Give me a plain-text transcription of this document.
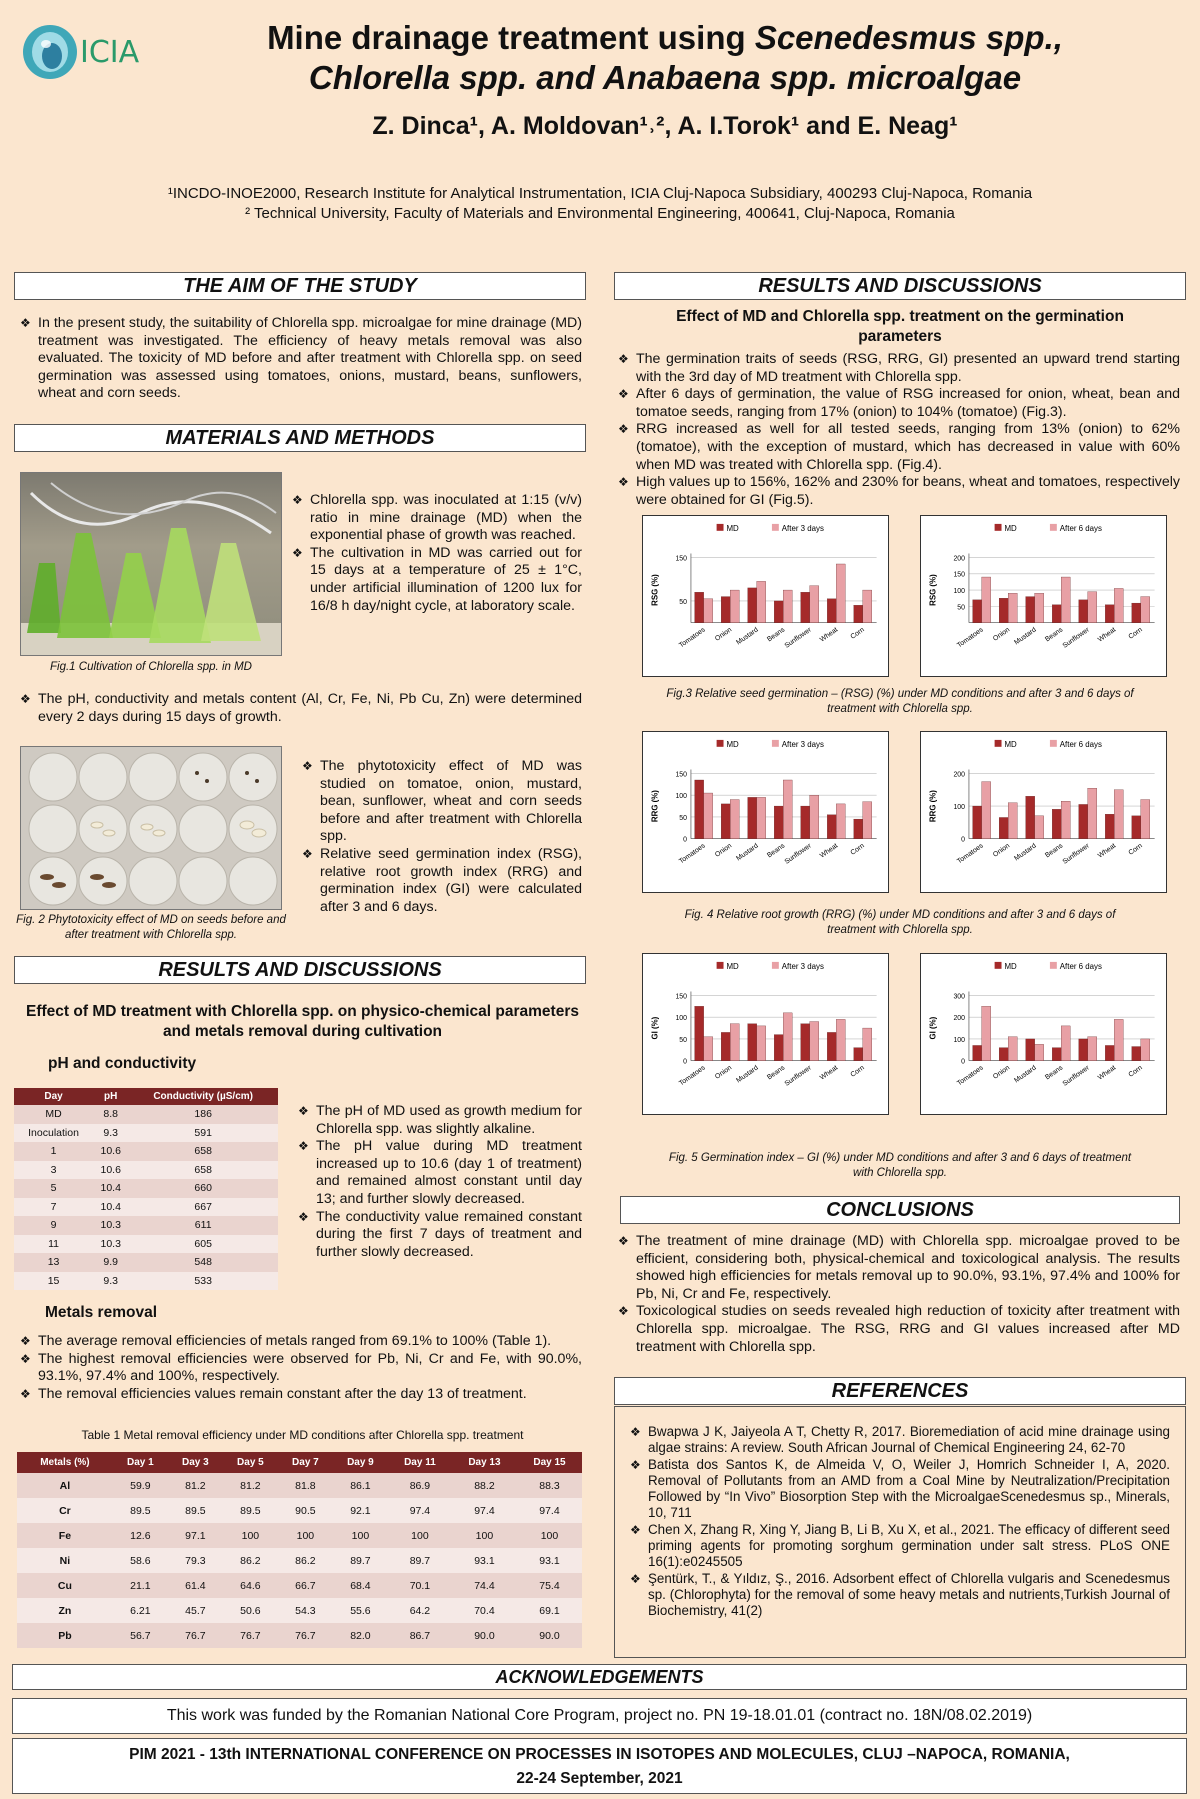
ICIA	Mine drainage treatment using Scenedesmus spp.,
Chlorella spp. and Anabaena spp. microalgae
Z. Dinca¹, A. Moldovan¹˒², A. I.Torok¹ and E. Neag¹
¹INCDO-INOE2000, Research Institute for Analytical Instrumentation, ICIA Cluj-Napoca Subsidiary, 400293 Cluj-Napoca, Romania
² Technical University, Faculty of Materials and Environmental Engineering, 400641, Cluj-Napoca, Romania
THE AIM OF THE STUDY
❖ In the present study, the suitability of Chlorella spp. microalgae for mine drainage (MD) treatment was investigated. The efficiency of heavy metals removal was also evaluated. The toxicity of MD before and after treatment with Chlorella spp. on seed germination was assessed using tomatoes, onions, mustard, beans, sunflowers, wheat and corn seeds.
MATERIALS AND METHODS
Fig.1 Cultivation of Chlorella spp. in MD
❖ Chlorella spp. was inoculated at 1:15 (v/v) ratio in mine drainage (MD) when the exponential phase of growth was reached.
❖ The cultivation in MD was carried out for 15 days at a temperature of 25 ± 1°C, under artificial illumination of 1200 lux for 16/8 h day/night cycle, at laboratory scale.
❖ The pH, conductivity and metals content (Al, Cr, Fe, Ni, Pb Cu, Zn) were determined every 2 days during 15 days of growth.
Fig. 2 Phytotoxicity effect of MD on seeds before and after treatment with Chlorella spp.
❖ The phytotoxicity effect of MD was studied on tomatoe, onion, mustard, bean, sunflower, wheat and corn seeds before and after treatment with Chlorella spp.
❖ Relative seed germination index (RSG), relative root growth index (RRG) and germination index (GI) were calculated after 3 and 6 days.
RESULTS AND DISCUSSIONS
Effect of MD treatment with Chlorella spp. on physico-chemical parameters and metals removal during cultivation
pH and conductivity
Day	pH	Conductivity (µS/cm)
MD	8.8	186
Inoculation	9.3	591
1	10.6	658
3	10.6	658
5	10.4	660
7	10.4	667
9	10.3	611
11	10.3	605
13	9.9	548
15	9.3	533
❖ The pH of MD used as growth medium for Chlorella spp. was slightly alkaline.
❖ The pH value during MD treatment increased up to 10.6 (day 1 of treatment) and remained almost constant until day 13; and further slowly decreased.
❖ The conductivity value remained constant during the first 7 days of treatment and further slowly decreased.
Metals removal
❖ The average removal efficiencies of metals ranged from 69.1% to 100% (Table 1).
❖ The highest removal efficiencies were observed for Pb, Ni, Cr and Fe, with 90.0%, 93.1%, 97.4% and 100%, respectively.
❖ The removal efficiencies values remain constant after the day 13 of treatment.
Table 1 Metal removal efficiency under MD conditions after Chlorella spp. treatment
Metals (%)	Day 1	Day 3	Day 5	Day 7	Day 9	Day 11	Day 13	Day 15
Al	59.9	81.2	81.2	81.8	86.1	86.9	88.2	88.3
Cr	89.5	89.5	89.5	90.5	92.1	97.4	97.4	97.4
Fe	12.6	97.1	100	100	100	100	100	100
Ni	58.6	79.3	86.2	86.2	89.7	89.7	93.1	93.1
Cu	21.1	61.4	64.6	66.7	68.4	70.1	74.4	75.4
Zn	6.21	45.7	50.6	54.3	55.6	64.2	70.4	69.1
Pb	56.7	76.7	76.7	76.7	82.0	86.7	90.0	90.0
RESULTS AND DISCUSSIONS
Effect of MD and Chlorella spp. treatment on the germination parameters
❖ The germination traits of seeds (RSG, RRG, GI) presented an upward trend starting with the 3rd day of MD treatment with Chlorella spp.
❖ After 6 days of germination, the value of RSG increased for onion, wheat, bean and tomatoe seeds, ranging from 17% (onion) to 104% (tomatoe) (Fig.3).
❖ RRG increased as well for all tested seeds, ranging from 13% (onion) to 62% (tomatoe), with the exception of mustard, which has decreased in value with 60% when MD was treated with Chlorella spp. (Fig.4).
❖ High values up to 156%, 162% and 230% for beans, wheat and tomatoes, respectively were obtained for GI (Fig.5).
MD	After 3 days
RSG (%)	50
150
Tomatoes Onion Mustard Beans
Sunflower Wheat Corn
MD	After 6 days
RSG (%)
50
100
150
200
Tomatoes Onion Mustard Beans
Sunflower Wheat Corn
Fig.3 Relative seed germination – (RSG) (%) under MD conditions and after 3 and 6 days of treatment with Chlorella spp.
MD	After 3 days
RRG (%)
0
50
100
150
Tomatoes Onion Mustard Beans
Sunflower Wheat Corn
MD	After 6 days
RRG (%)
0
100
200
Tomatoes Onion Mustard Beans
Sunflower Wheat Corn
Fig. 4 Relative root growth (RRG) (%) under MD conditions and after 3 and 6 days of treatment with Chlorella spp.
MD	After 3 days
GI (%)
0
50
100
150
Tomatoes Onion Mustard Beans
Sunflower Wheat Corn
MD	After 6 days
GI (%)
0
100
200
300
Tomatoes Onion Mustard Beans
Sunflower Wheat Corn
Fig. 5 Germination index – GI (%) under MD conditions and after 3 and 6 days of treatment with Chlorella spp.
CONCLUSIONS
❖ The treatment of mine drainage (MD) with Chlorella spp. microalgae proved to be efficient, considering both, physical-chemical and toxicological analysis. The results showed high efficiencies for metals removal up to 90.0%, 93.1%, 97.4% and 100% for Pb, Ni, Cr and Fe, respectively.
❖ Toxicological studies on seeds revealed high reduction of toxicity after treatment with Chlorella spp. microalgae. The RSG, RRG and GI values increased after MD treatment with Chlorella spp.
REFERENCES
❖ Bwapwa J K, Jaiyeola A T, Chetty R, 2017. Bioremediation of acid mine drainage using algae strains: A review. South African Journal of Chemical Engineering 24, 62-70
❖ Batista dos Santos K, de Almeida V, O, Weiler J, Homrich Schneider I, A, 2020. Removal of Pollutants from an AMD from a Coal Mine by Neutralization/Precipitation Followed by “In Vivo” Biosorption Step with the MicroalgaeScenedesmus sp., Minerals, 10, 711
❖ Chen X, Zhang R, Xing Y, Jiang B, Li B, Xu X, et al., 2021. The efficacy of different seed priming agents for promoting sorghum germination under salt stress. PLoS ONE 16(1):e0245505
❖ Şentürk, T., & Yıldız, Ş., 2016. Adsorbent effect of Chlorella vulgaris and Scenedesmus sp. (Chlorophyta) for the removal of some heavy metals and nutrients,Turkish Journal of Biochemistry, 41(2)
ACKNOWLEDGEMENTS
This work was funded by the Romanian National Core Program, project no. PN 19-18.01.01 (contract no. 18N/08.02.2019)
PIM 2021 - 13th INTERNATIONAL CONFERENCE ON PROCESSES IN ISOTOPES AND MOLECULES, CLUJ –NAPOCA, ROMANIA,
22-24 September, 2021
